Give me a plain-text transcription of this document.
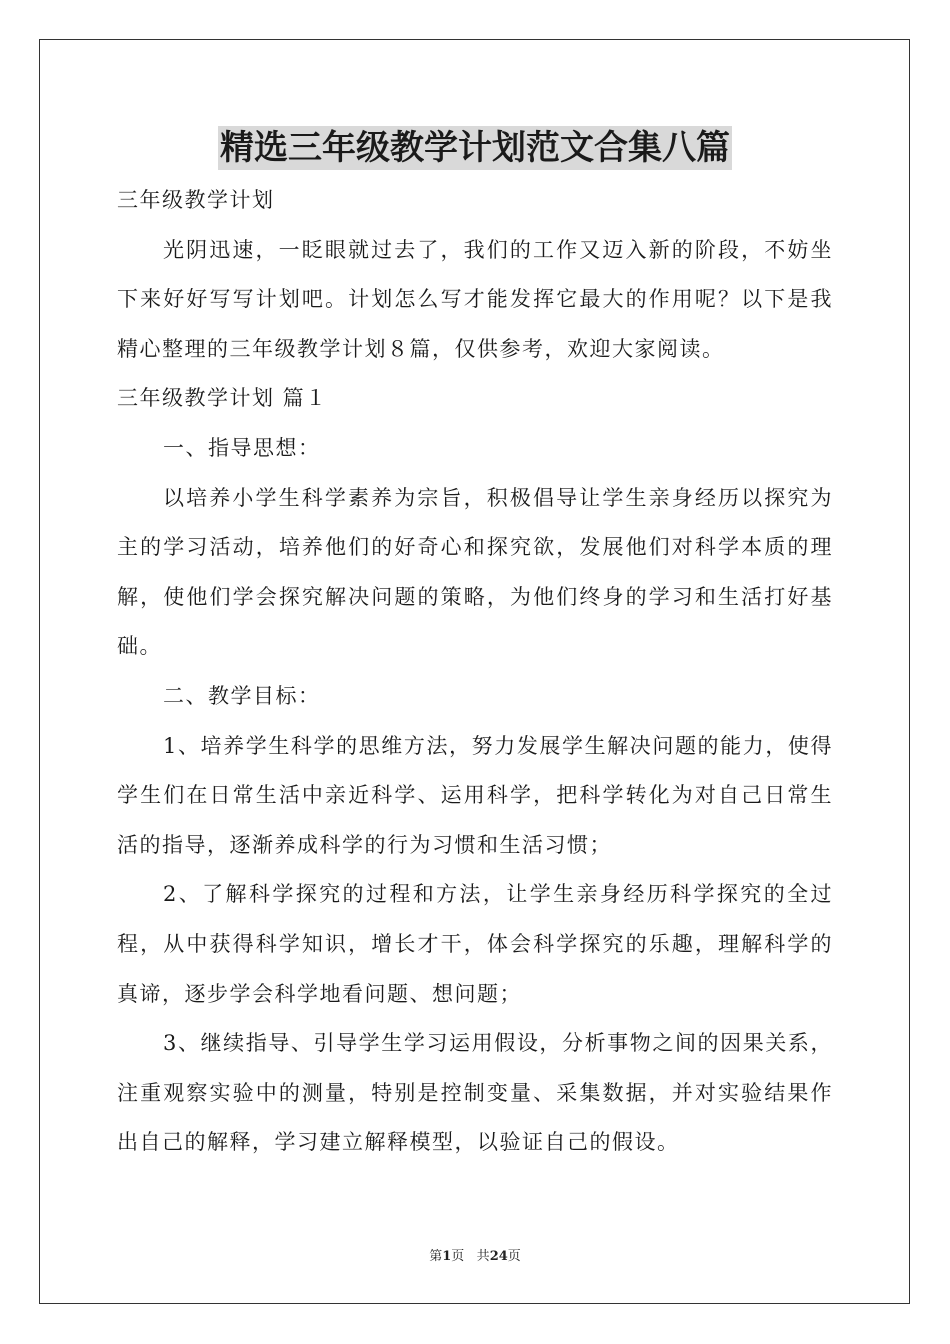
精选三年级教学计划范文合集八篇

三年级教学计划

光阴迅速，一眨眼就过去了，我们的工作又迈入新的阶段，不妨坐下来好好写写计划吧。计划怎么写才能发挥它最大的作用呢？以下是我精心整理的三年级教学计划８篇，仅供参考，欢迎大家阅读。

三年级教学计划 篇１

一、指导思想：

以培养小学生科学素养为宗旨，积极倡导让学生亲身经历以探究为主的学习活动，培养他们的好奇心和探究欲，发展他们对科学本质的理解，使他们学会探究解决问题的策略，为他们终身的学习和生活打好基础。

二、教学目标：

1、培养学生科学的思维方法，努力发展学生解决问题的能力，使得学生们在日常生活中亲近科学、运用科学，把科学转化为对自己日常生活的指导，逐渐养成科学的行为习惯和生活习惯；

2、了解科学探究的过程和方法，让学生亲身经历科学探究的全过程，从中获得科学知识，增长才干，体会科学探究的乐趣，理解科学的真谛，逐步学会科学地看问题、想问题；

3、继续指导、引导学生学习运用假设，分析事物之间的因果关系，注重观察实验中的测量，特别是控制变量、采集数据，并对实验结果作出自己的解释，学习建立解释模型，以验证自己的假设。

第1页 共24页
